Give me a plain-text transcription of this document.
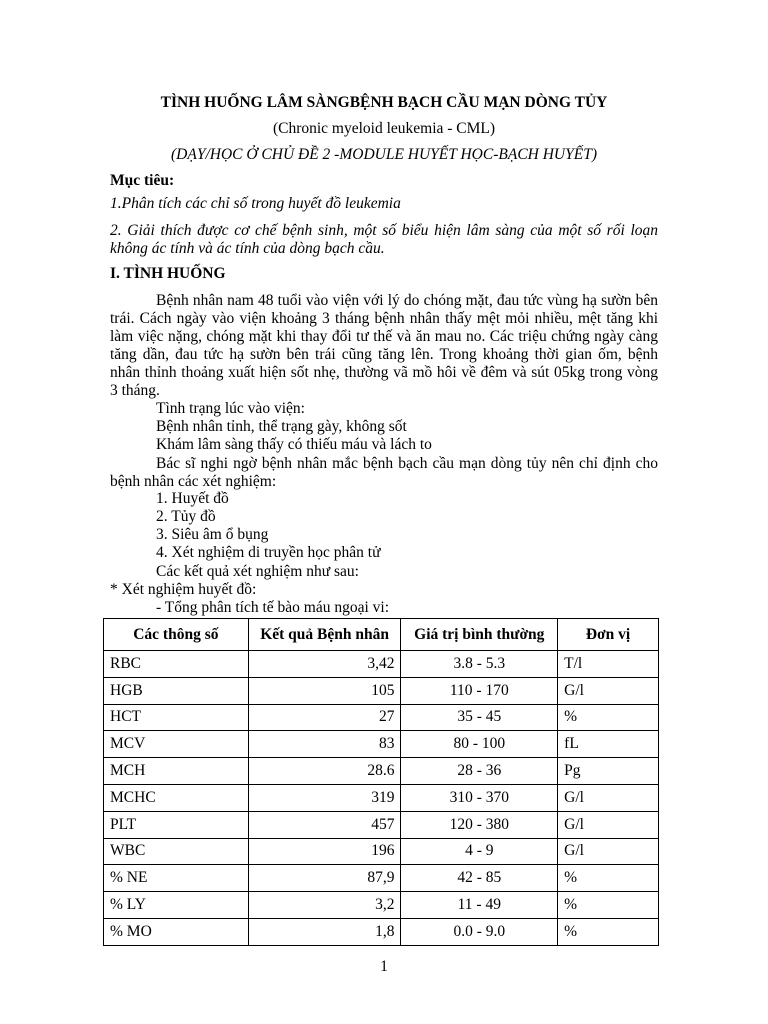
TÌNH HUỐNG LÂM SÀNGBỆNH BẠCH CẦU MẠN DÒNG TỦY
(Chronic myeloid leukemia - CML)
(DẠY/HỌC Ở CHỦ ĐỀ 2 -MODULE HUYẾT HỌC-BẠCH HUYẾT)
Mục tiêu:
1.Phân tích các chỉ số trong huyết đồ leukemia
2. Giải thích được cơ chế bệnh sinh, một số biểu hiện lâm sàng của một số rối loạn
không ác tính và ác tính của dòng bạch cầu.
I. TÌNH HUỐNG
Bệnh nhân nam 48 tuổi vào viện với lý do chóng mặt, đau tức vùng hạ sườn bên
trái. Cách ngày vào viện khoảng 3 tháng bệnh nhân thấy mệt mỏi nhiều, mệt tăng khi
làm việc nặng, chóng mặt khi thay đổi tư thế và ăn mau no. Các triệu chứng ngày càng
tăng dần, đau tức hạ sườn bên trái cũng tăng lên. Trong khoảng thời gian ốm, bệnh
nhân thỉnh thoảng xuất hiện sốt nhẹ, thường vã mồ hôi về đêm và sút 05kg trong vòng
3 tháng.
Tình trạng lúc vào viện:
Bệnh nhân tỉnh, thể trạng gày, không sốt
Khám lâm sàng thấy có thiếu máu và lách to
Bác sĩ nghi ngờ bệnh nhân mắc bệnh bạch cầu mạn dòng tủy nên chỉ định cho
bệnh nhân các xét nghiệm:
1. Huyết đồ
2. Tủy đồ
3. Siêu âm ổ bụng
4. Xét nghiệm di truyền học phân tử
Các kết quả xét nghiệm như sau:
* Xét nghiệm huyết đồ:
- Tổng phân tích tế bào máu ngoại vi:
Các thông số	Kết quả Bệnh nhân	Giá trị bình thường	Đơn vị
RBC	3,42	3.8 - 5.3	T/l
HGB	105	110 - 170	G/l
HCT	27	35 - 45	%
MCV	83	80 - 100	fL
MCH	28.6	28 - 36	Pg
MCHC	319	310 - 370	G/l
PLT	457	120 - 380	G/l
WBC	196	4 - 9	G/l
% NE	87,9	42 - 85	%
% LY	3,2	11 - 49	%
% MO	1,8	0.0 - 9.0	%
1
